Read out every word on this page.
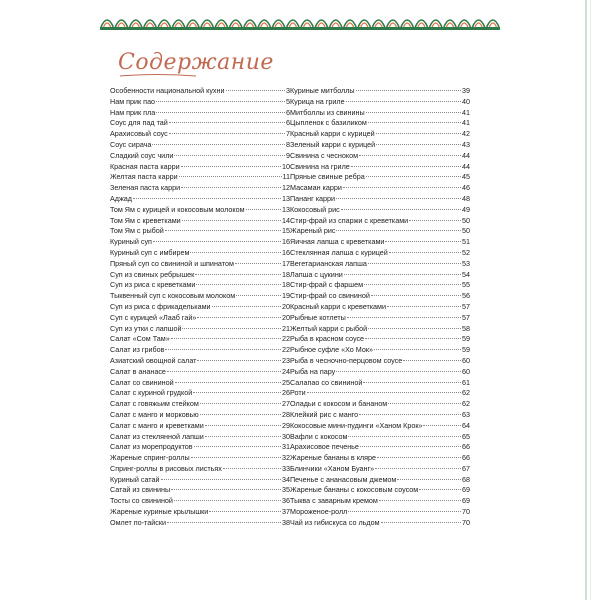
Содержание
Особенности национальной кухни	3
Нам прик пао	5
Нам прик пла	6
Соус для пад тай	6
Арахисовый соус	7
Соус сирача	8
Сладкий соус чили	9
Красная паста карри	10
Желтая паста карри	11
Зеленая паста карри	12
Аджад	13
Том Ям с курицей и кокосовым молоком	13
Том Ям с креветками	14
Том Ям с рыбой	15
Куриный суп	16
Куриный суп с имбирем	16
Пряный суп со свининой и шпинатом	17
Суп из свиных ребрышек	18
Суп из риса с креветками	18
Тыквенный суп с кокосовым молоком	19
Суп из риса с фрикадельками	20
Суп с курицей «Лааб гай»	20
Суп из утки с лапшой	21
Салат «Сом Там»	22
Салат из грибов	22
Азиатский овощной салат	23
Салат в ананасе	24
Салат со свининой	25
Салат с куриной грудкой	26
Салат с говяжьим стейком	27
Салат с манго и морковью	28
Салат с манго и креветками	29
Салат из стеклянной лапши	30
Салат из морепродуктов	31
Жареные спринг-роллы	32
Спринг-роллы в рисовых листьях	33
Куриный сатай	34
Сатай из свинины	35
Тосты со свининой	36
Жареные куриные крылышки	37
Омлет по-тайски	38
Куриные митболлы	39
Курица на гриле	40
Митболлы из свинины	41
Цыпленок с базиликом	41
Красный карри с курицей	42
Зеленый карри с курицей	43
Свинина с чесноком	44
Свинина на гриле	44
Пряные свиные ребра	45
Масаман карри	46
Пананг карри	48
Кокосовый рис	49
Стир-фрай из спаржи с креветками	50
Жареный рис	50
Яичная лапша с креветками	51
Стеклянная лапша с курицей	52
Вегетарианская лапша	53
Лапша с цукини	54
Стир-фрай с фаршем	55
Стир-фрай со свининой	56
Красный карри с креветками	57
Рыбные котлеты	57
Желтый карри с рыбой	58
Рыба в красном соусе	59
Рыбное суфле «Хо Мок»	59
Рыба в чесночно-перцовом соусе	60
Рыба на пару	60
Салапао со свининой	61
Роти	62
Оладьи с кокосом и бананом	62
Клейкий рис с манго	63
Кокосовые мини-пудинги «Ханом Крок»	64
Вафли с кокосом	65
Арахисовое печенье	66
Жареные бананы в кляре	66
Блинчики «Ханом Буанг»	67
Печенье с ананасовым джемом	68
Жареные бананы с кокосовым соусом	69
Тыква с заварным кремом	69
Мороженое-ролл	70
Чай из гибискуса со льдом	70
